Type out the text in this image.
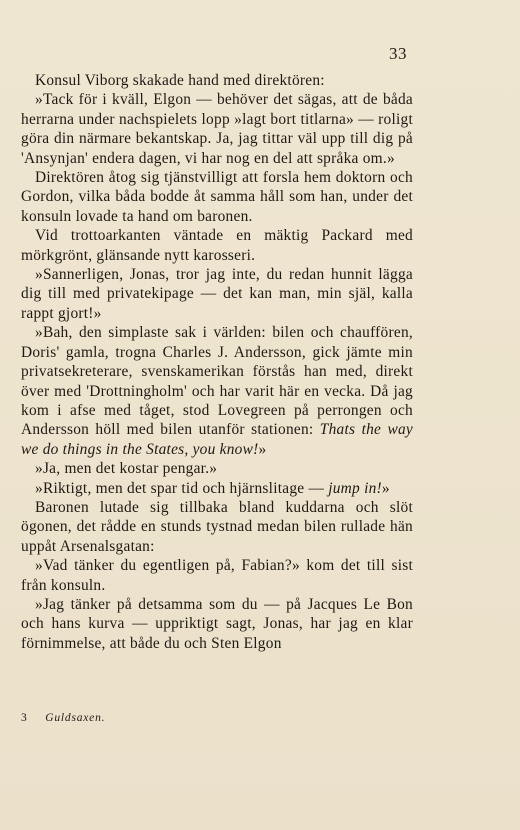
33

Konsul Viborg skakade hand med direktören:

»Tack för i kväll, Elgon — behöver det sägas, att de båda herrarna under nachspielets lopp »lagt bort titlarna» — roligt göra din närmare bekantskap. Ja, jag tittar väl upp till dig på 'Ansynjan' endera dagen, vi har nog en del att språka om.»

Direktören åtog sig tjänstvilligt att forsla hem doktorn och Gordon, vilka båda bodde åt samma håll som han, under det konsuln lovade ta hand om baronen.

Vid trottoarkanten väntade en mäktig Packard med mörkgrönt, glänsande nytt karosseri.

»Sannerligen, Jonas, tror jag inte, du redan hunnit lägga dig till med privatekipage — det kan man, min själ, kalla rappt gjort!»

»Bah, den simplaste sak i världen: bilen och chauffören, Doris' gamla, trogna Charles J. Andersson, gick jämte min privatsekreterare, svenskamerikan förstås han med, direkt över med 'Drottningholm' och har varit här en vecka. Då jag kom i afse med tåget, stod Lovegreen på perrongen och Andersson höll med bilen utanför stationen: Thats the way we do things in the States, you know!»

»Ja, men det kostar pengar.»

»Riktigt, men det spar tid och hjärnslitage — jump in!»

Baronen lutade sig tillbaka bland kuddarna och slöt ögonen, det rådde en stunds tystnad medan bilen rullade hän uppåt Arsenalsgatan:

»Vad tänker du egentligen på, Fabian?» kom det till sist från konsuln.

»Jag tänker på detsamma som du — på Jacques Le Bon och hans kurva — uppriktigt sagt, Jonas, har jag en klar förnimmelse, att både du och Sten Elgon

3 Guldsaxen.
